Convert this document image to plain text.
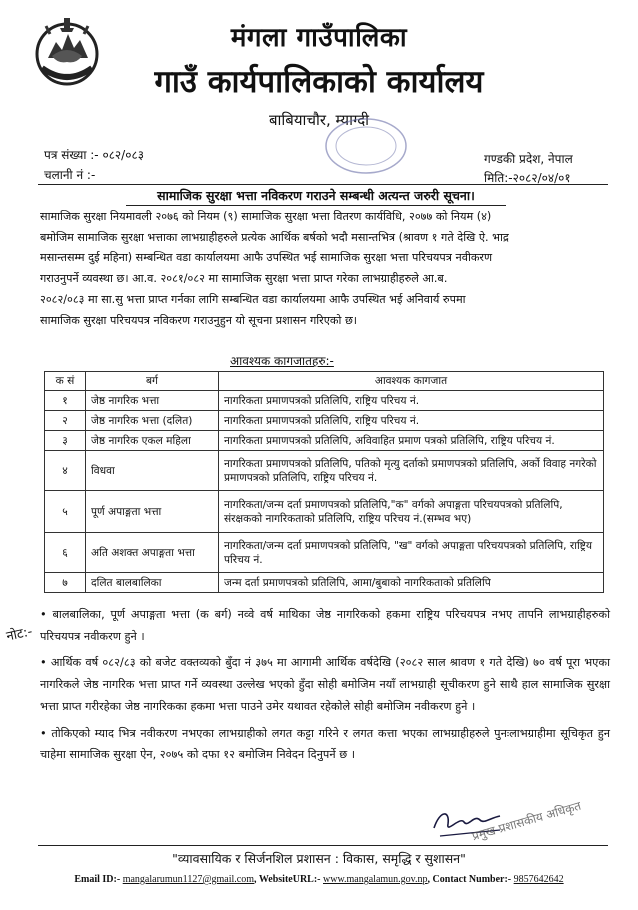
मंगला गाउँपालिका
गाउँ कार्यपालिकाको कार्यालय
बाबियाचौर, म्याग्दी
पत्र संख्या :- ०८२/०८३
चलानी नं :-
गण्डकी प्रदेश, नेपाल
मिति:-२०८२/०४/०१
सामाजिक सुरक्षा भत्ता नविकरण गराउने सम्बन्धी अत्यन्त जरुरी सूचना।
सामाजिक सुरक्षा नियमावली २०७६ को नियम (९) सामाजिक सुरक्षा भत्ता वितरण कार्यविधि, २०७७ को नियम (४)
बमोजिम सामाजिक सुरक्षा भत्ताका लाभग्राहीहरुले प्रत्येक आर्थिक बर्षको भदौ मसान्तभित्र (श्रावण १ गते देखि ऐ. भाद्र
मसान्तसम्म दुई महिना) सम्बन्धित वडा कार्यालयमा आफै उपस्थित भई सामाजिक सुरक्षा भत्ता परिचयपत्र नवीकरण
गराउनुपर्ने व्यवस्था छ। आ.व. २०८१/०८२ मा सामाजिक सुरक्षा भत्ता प्राप्त गरेका लाभग्राहीहरुले आ.ब.
२०८२/०८३ मा सा.सु भत्ता प्राप्त गर्नका लागि सम्बन्धित वडा कार्यालयमा आफै उपस्थित भई अनिवार्य रुपमा
सामाजिक सुरक्षा परिचयपत्र नविकरण गराउनुहुन यो सूचना प्रशासन गरिएको छ।
आवश्यक कागजातहरु:-
क सं	बर्ग	आवश्यक कागजात
१	जेष्ठ नागरिक भत्ता	नागरिकता प्रमाणपत्रको प्रतिलिपि, राष्ट्रिय परिचय नं.
२	जेष्ठ नागरिक भत्ता (दलित)	नागरिकता प्रमाणपत्रको प्रतिलिपि, राष्ट्रिय परिचय नं.
३	जेष्ठ नागरिक एकल महिला	नागरिकता प्रमाणपत्रको प्रतिलिपि, अविवाहित प्रमाण पत्रको प्रतिलिपि, राष्ट्रिय परिचय नं.
४	विधवा	नागरिकता प्रमाणपत्रको प्रतिलिपि, पतिको मृत्यु दर्ताको प्रमाणपत्रको प्रतिलिपि, अर्को विवाह नगरेको प्रमाणपत्रको प्रतिलिपि, राष्ट्रिय परिचय नं.
५	पूर्ण अपाङ्गता भत्ता	नागरिकता/जन्म दर्ता प्रमाणपत्रको प्रतिलिपि,"क" वर्गको अपाङ्गता परिचयपत्रको प्रतिलिपि, संरक्षकको नागरिकताको प्रतिलिपि, राष्ट्रिय परिचय नं.(सम्भव भए)
६	अति अशक्त अपाङ्गता भत्ता	नागरिकता/जन्म दर्ता प्रमाणपत्रको प्रतिलिपि, "ख" वर्गको अपाङ्गता परिचयपत्रको प्रतिलिपि, राष्ट्रिय परिचय नं.
७	दलित बालबालिका	जन्म दर्ता प्रमाणपत्रको प्रतिलिपि, आमा/बुबाको नागरिकताको प्रतिलिपि
नोट:-

• बालबालिका, पूर्ण अपाङ्गता भत्ता (क बर्ग) नव्वे वर्ष माथिका जेष्ठ नागरिकको हकमा राष्ट्रिय परिचयपत्र नभए तापनि लाभग्राहीहरुको परिचयपत्र नवीकरण हुने ।

• आर्थिक वर्ष ०८२/८३ को बजेट वक्तव्यको बुँदा नं ३७५ मा आगामी आर्थिक वर्षदेखि (२०८२ साल श्रावण १ गते देखि) ७० वर्ष पूरा भएका नागरिकले जेष्ठ नागरिक भत्ता प्राप्त गर्ने व्यवस्था उल्लेख भएको हुँदा सोही बमोजिम नयाँ लाभग्राही सूचीकरण हुने साथै हाल सामाजिक सुरक्षा भत्ता प्राप्त गरीरहेका जेष्ठ नागरिकका हकमा भत्ता पाउने उमेर यथावत रहेकोले सोही बमोजिम नवीकरण हुने ।

• तोकिएको म्याद भित्र नवीकरण नभएका लाभग्राहीको लगत कट्टा गरिने र लगत कत्ता भएका लाभग्राहीहरुले पुनःलाभग्राहीमा सूचिकृत हुन चाहेमा सामाजिक सुरक्षा ऐन, २०७५ को दफा १२ बमोजिम निवेदन दिनुपर्ने छ ।

प्रमुख प्रशासकीय अधिकृत
"व्यावसायिक र सिर्जनशिल प्रशासन : विकास, समृद्धि र सुशासन"
Email ID:- mangalarumun1127@gmail.com, WebsiteURL:- www.mangalamun.gov.np, Contact Number:- 9857642642
